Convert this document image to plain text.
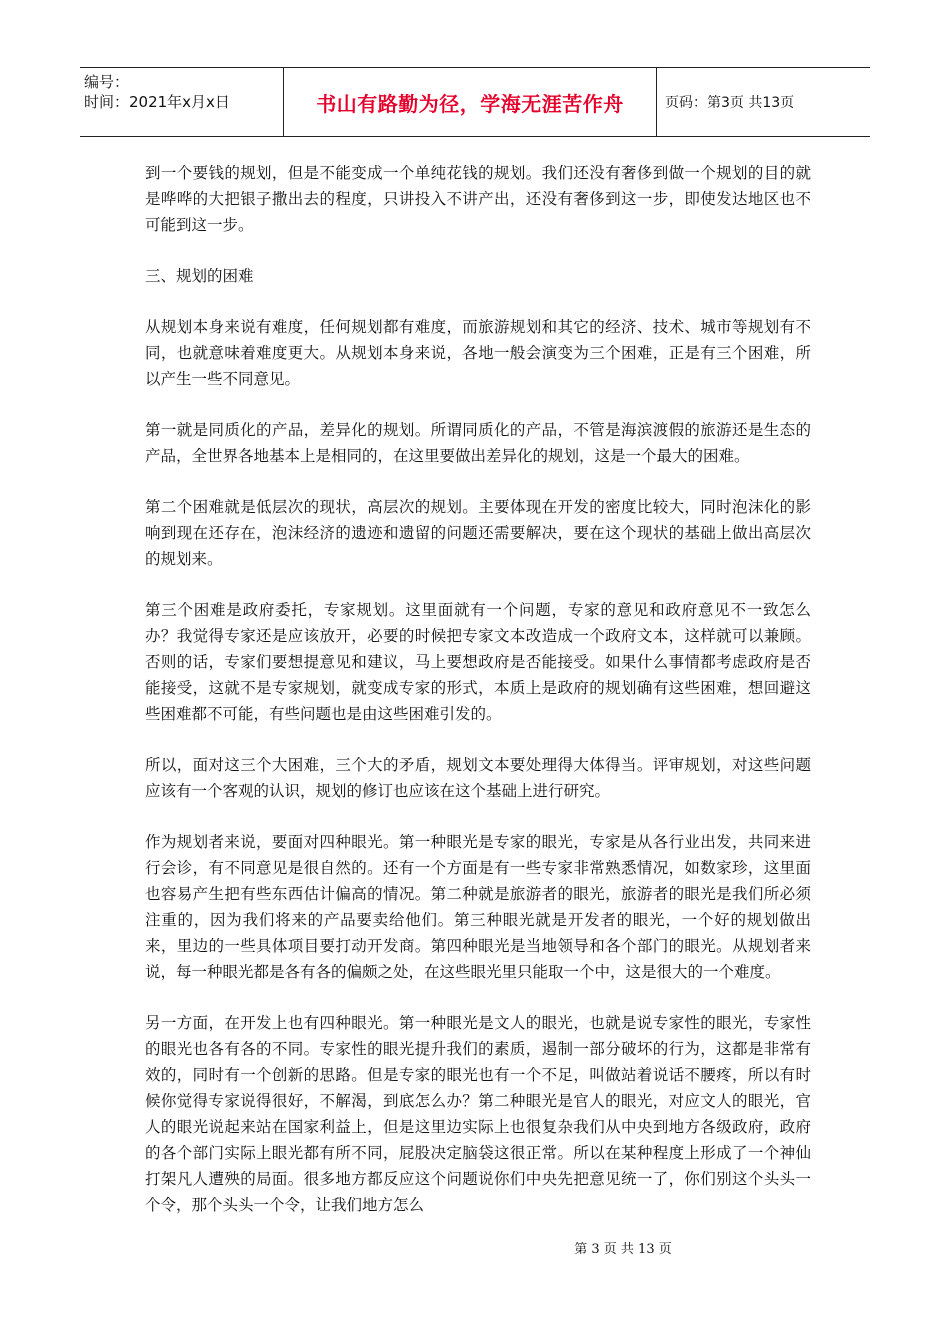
编号：
时间：2021年x月x日	书山有路勤为径，学海无涯苦作舟	页码：第3页 共13页

到一个要钱的规划，但是不能变成一个单纯花钱的规划。我们还没有奢侈到做一个规划的目的就是哗哗的大把银子撒出去的程度，只讲投入不讲产出，还没有奢侈到这一步，即使发达地区也不可能到这一步。

三、规划的困难

从规划本身来说有难度，任何规划都有难度，而旅游规划和其它的经济、技术、城市等规划有不同，也就意味着难度更大。从规划本身来说，各地一般会演变为三个困难，正是有三个困难，所以产生一些不同意见。

第一就是同质化的产品，差异化的规划。所谓同质化的产品，不管是海滨渡假的旅游还是生态的产品，全世界各地基本上是相同的，在这里要做出差异化的规划，这是一个最大的困难。

第二个困难就是低层次的现状，高层次的规划。主要体现在开发的密度比较大，同时泡沫化的影响到现在还存在，泡沫经济的遗迹和遗留的问题还需要解决，要在这个现状的基础上做出高层次的规划来。

第三个困难是政府委托，专家规划。这里面就有一个问题，专家的意见和政府意见不一致怎么办？我觉得专家还是应该放开，必要的时候把专家文本改造成一个政府文本，这样就可以兼顾。否则的话，专家们要想提意见和建议，马上要想政府是否能接受。如果什么事情都考虑政府是否能接受，这就不是专家规划，就变成专家的形式，本质上是政府的规划确有这些困难，想回避这些困难都不可能，有些问题也是由这些困难引发的。

所以，面对这三个大困难，三个大的矛盾，规划文本要处理得大体得当。评审规划，对这些问题应该有一个客观的认识，规划的修订也应该在这个基础上进行研究。

作为规划者来说，要面对四种眼光。第一种眼光是专家的眼光，专家是从各行业出发，共同来进行会诊，有不同意见是很自然的。还有一个方面是有一些专家非常熟悉情况，如数家珍，这里面也容易产生把有些东西估计偏高的情况。第二种就是旅游者的眼光，旅游者的眼光是我们所必须注重的，因为我们将来的产品要卖给他们。第三种眼光就是开发者的眼光，一个好的规划做出来，里边的一些具体项目要打动开发商。第四种眼光是当地领导和各个部门的眼光。从规划者来说，每一种眼光都是各有各的偏颇之处，在这些眼光里只能取一个中，这是很大的一个难度。

另一方面，在开发上也有四种眼光。第一种眼光是文人的眼光，也就是说专家性的眼光，专家性的眼光也各有各的不同。专家性的眼光提升我们的素质，遏制一部分破坏的行为，这都是非常有效的，同时有一个创新的思路。但是专家的眼光也有一个不足，叫做站着说话不腰疼，所以有时候你觉得专家说得很好，不解渴，到底怎么办？第二种眼光是官人的眼光，对应文人的眼光，官人的眼光说起来站在国家利益上，但是这里边实际上也很复杂我们从中央到地方各级政府，政府的各个部门实际上眼光都有所不同，屁股决定脑袋这很正常。所以在某种程度上形成了一个神仙打架凡人遭殃的局面。很多地方都反应这个问题说你们中央先把意见统一了，你们别这个头头一个令，那个头头一个令，让我们地方怎么

第 3 页 共 13 页
